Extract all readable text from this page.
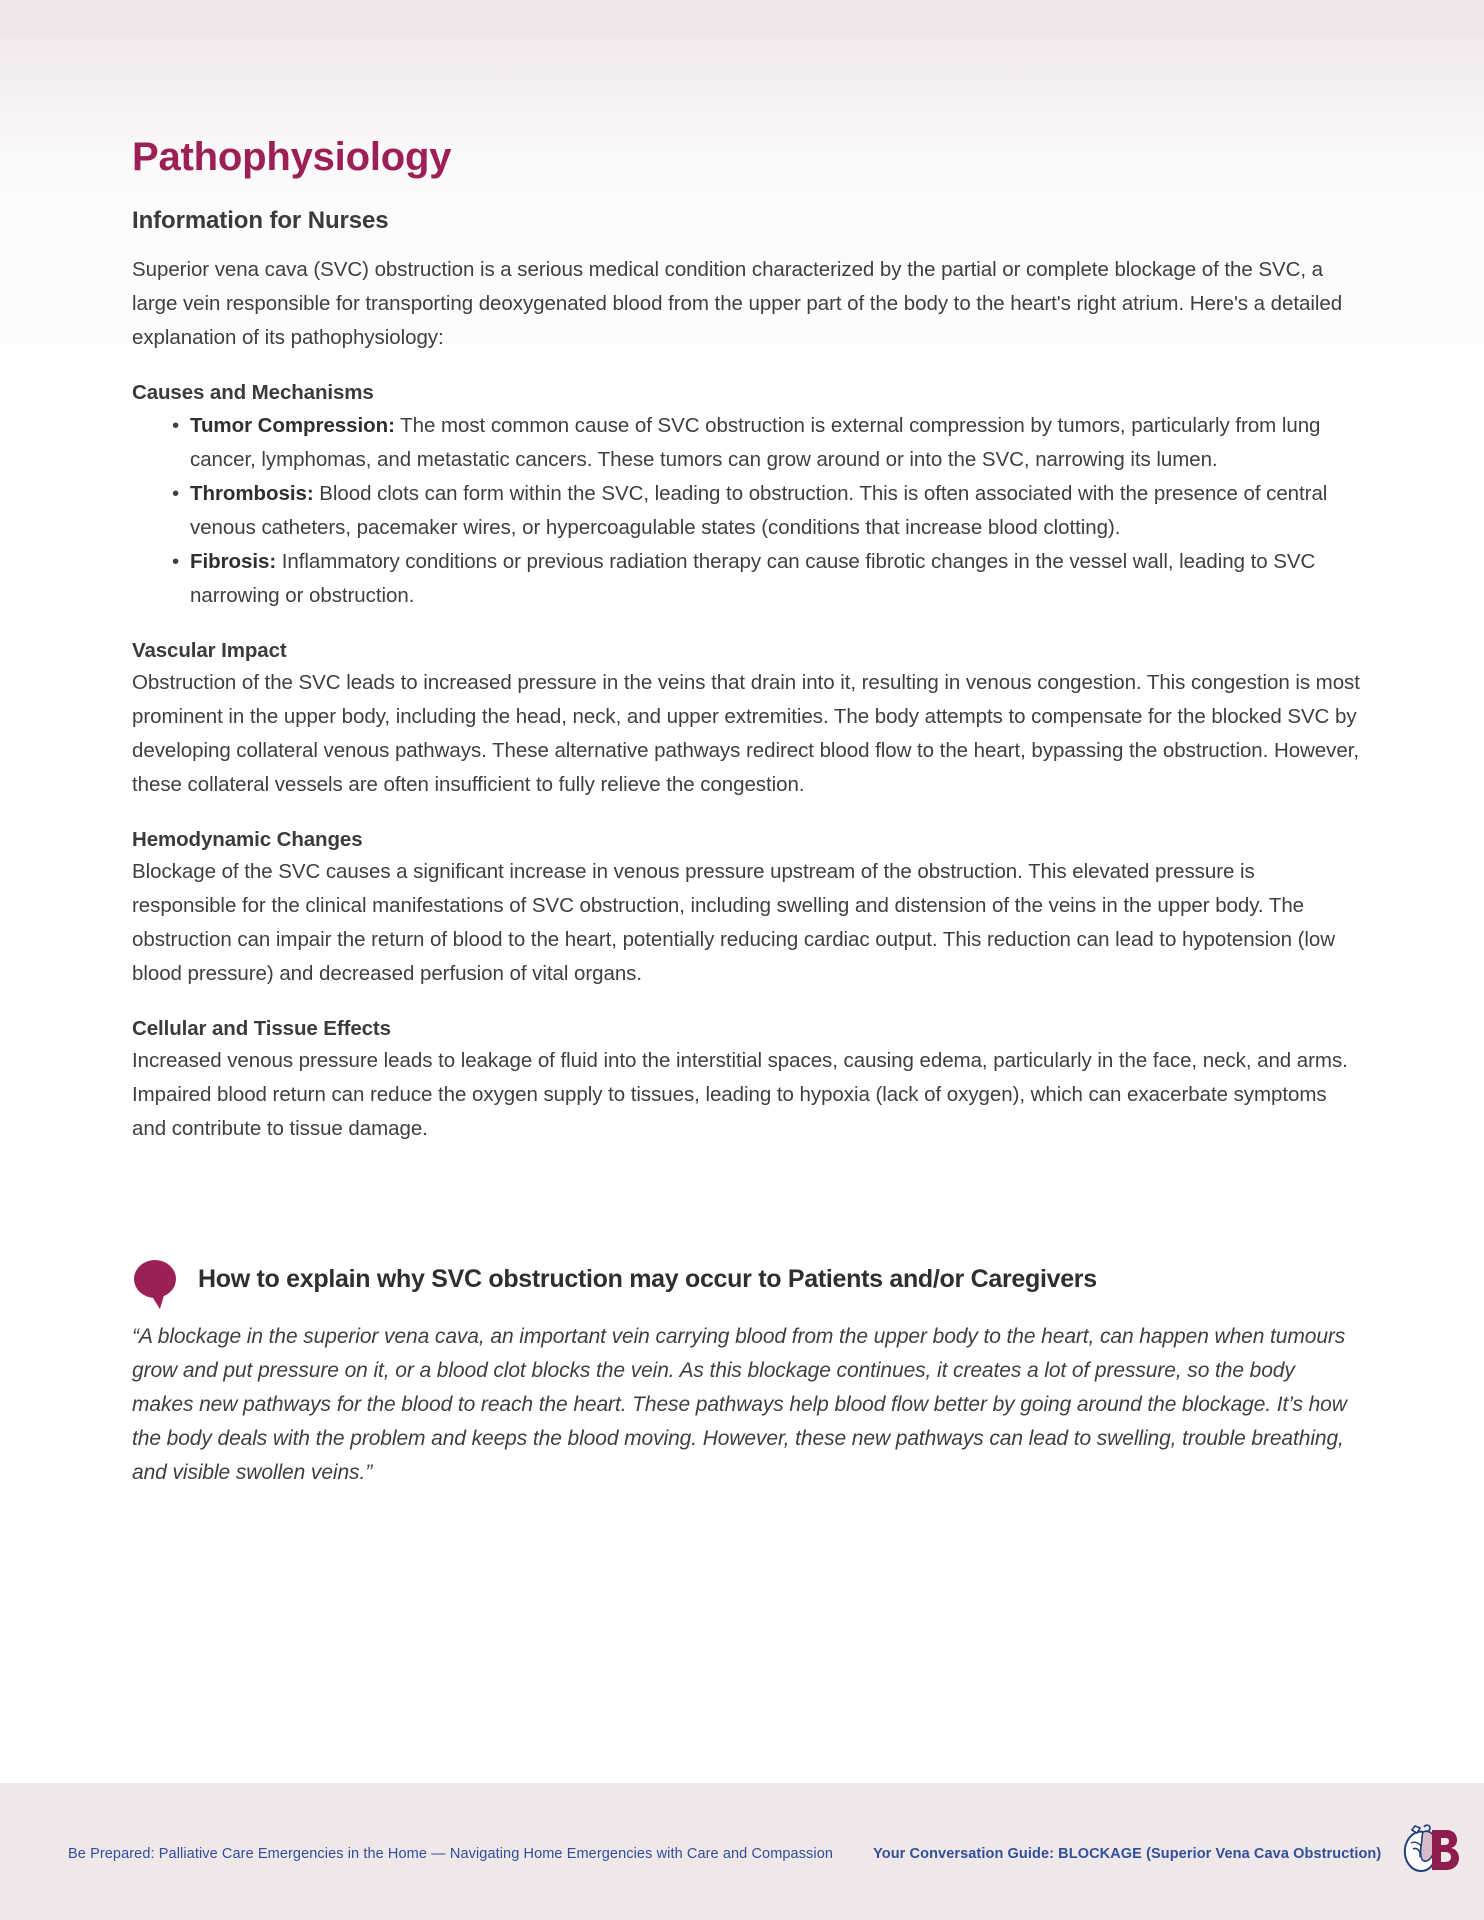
Pathophysiology
Information for Nurses

Superior vena cava (SVC) obstruction is a serious medical condition characterized by the partial or complete blockage of the SVC, a large vein responsible for transporting deoxygenated blood from the upper part of the body to the heart's right atrium. Here's a detailed explanation of its pathophysiology:

Causes and Mechanisms
• Tumor Compression: The most common cause of SVC obstruction is external compression by tumors, particularly from lung cancer, lymphomas, and metastatic cancers. These tumors can grow around or into the SVC, narrowing its lumen.
• Thrombosis: Blood clots can form within the SVC, leading to obstruction. This is often associated with the presence of central venous catheters, pacemaker wires, or hypercoagulable states (conditions that increase blood clotting).
• Fibrosis: Inflammatory conditions or previous radiation therapy can cause fibrotic changes in the vessel wall, leading to SVC narrowing or obstruction.
Vascular Impact

Obstruction of the SVC leads to increased pressure in the veins that drain into it, resulting in venous congestion. This congestion is most prominent in the upper body, including the head, neck, and upper extremities. The body attempts to compensate for the blocked SVC by developing collateral venous pathways. These alternative pathways redirect blood flow to the heart, bypassing the obstruction. However, these collateral vessels are often insufficient to fully relieve the congestion.

Hemodynamic Changes

Blockage of the SVC causes a significant increase in venous pressure upstream of the obstruction. This elevated pressure is responsible for the clinical manifestations of SVC obstruction, including swelling and distension of the veins in the upper body. The obstruction can impair the return of blood to the heart, potentially reducing cardiac output. This reduction can lead to hypotension (low blood pressure) and decreased perfusion of vital organs.

Cellular and Tissue Effects

Increased venous pressure leads to leakage of fluid into the interstitial spaces, causing edema, particularly in the face, neck, and arms. Impaired blood return can reduce the oxygen supply to tissues, leading to hypoxia (lack of oxygen), which can exacerbate symptoms and contribute to tissue damage.

How to explain why SVC obstruction may occur to Patients and/or Caregivers

“A blockage in the superior vena cava, an important vein carrying blood from the upper body to the heart, can happen when tumours grow and put pressure on it, or a blood clot blocks the vein. As this blockage continues, it creates a lot of pressure, so the body makes new pathways for the blood to reach the heart. These pathways help blood flow better by going around the blockage. It’s how the body deals with the problem and keeps the blood moving. However, these new pathways can lead to swelling, trouble breathing, and visible swollen veins.”

Be Prepared: Palliative Care Emergencies in the Home — Navigating Home Emergencies with Care and Compassion	Your Conversation Guide: BLOCKAGE (Superior Vena Cava Obstruction)
